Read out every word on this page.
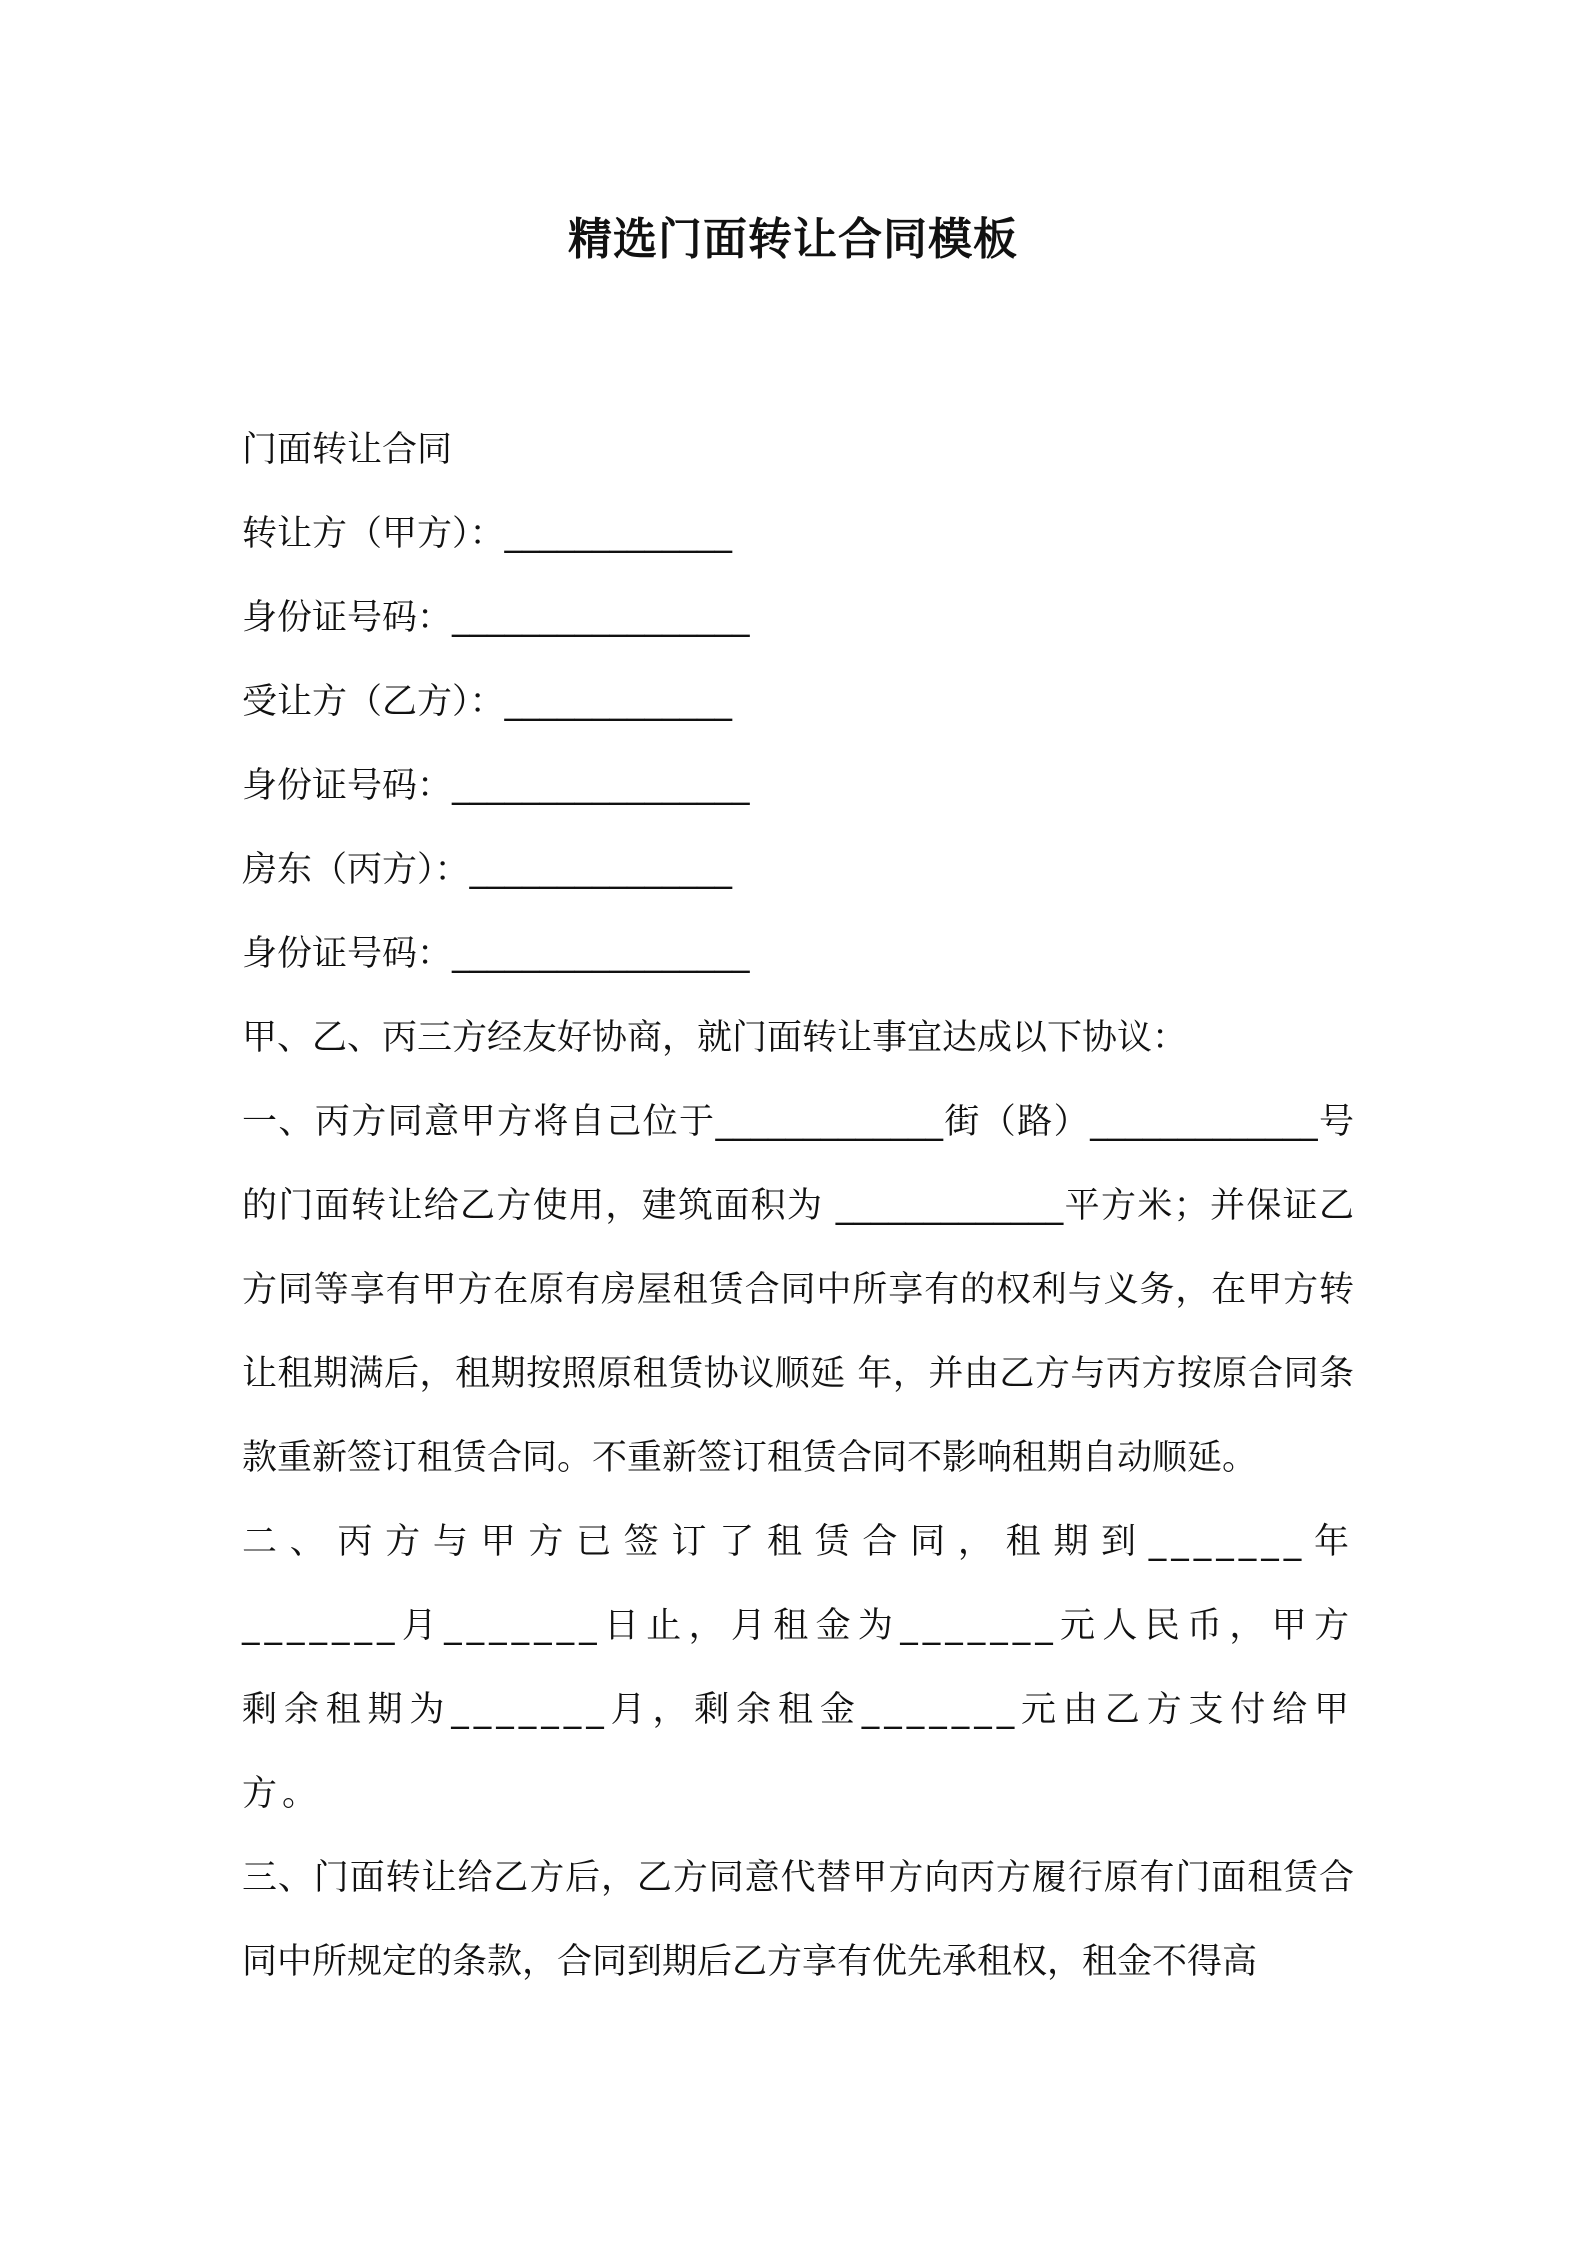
精选门面转让合同模板

门面转让合同

转让方（甲方）：_____________

身份证号码：_________________

受让方（乙方）：_____________

身份证号码：_________________

房东（丙方）：_______________

身份证号码：_________________

甲、乙、丙三方经友好协商，就门面转让事宜达成以下协议：

一、丙方同意甲方将自己位于_____________街（路）_____________号的门面转让给乙方使用，建筑面积为 _____________平方米；并保证乙方同等享有甲方在原有房屋租赁合同中所享有的权利与义务，在甲方转让租期满后，租期按照原租赁协议顺延 年，并由乙方与丙方按原合同条款重新签订租赁合同。不重新签订租赁合同不影响租期自动顺延。

二、丙方与甲方已签订了租赁合同，租期到_______年_______月_______日止，月租金为_______元人民币，甲方剩余租期为_______月，剩余租金_______元由乙方支付给甲方。

三、门面转让给乙方后，乙方同意代替甲方向丙方履行原有门面租赁合同中所规定的条款，合同到期后乙方享有优先承租权，租金不得高
